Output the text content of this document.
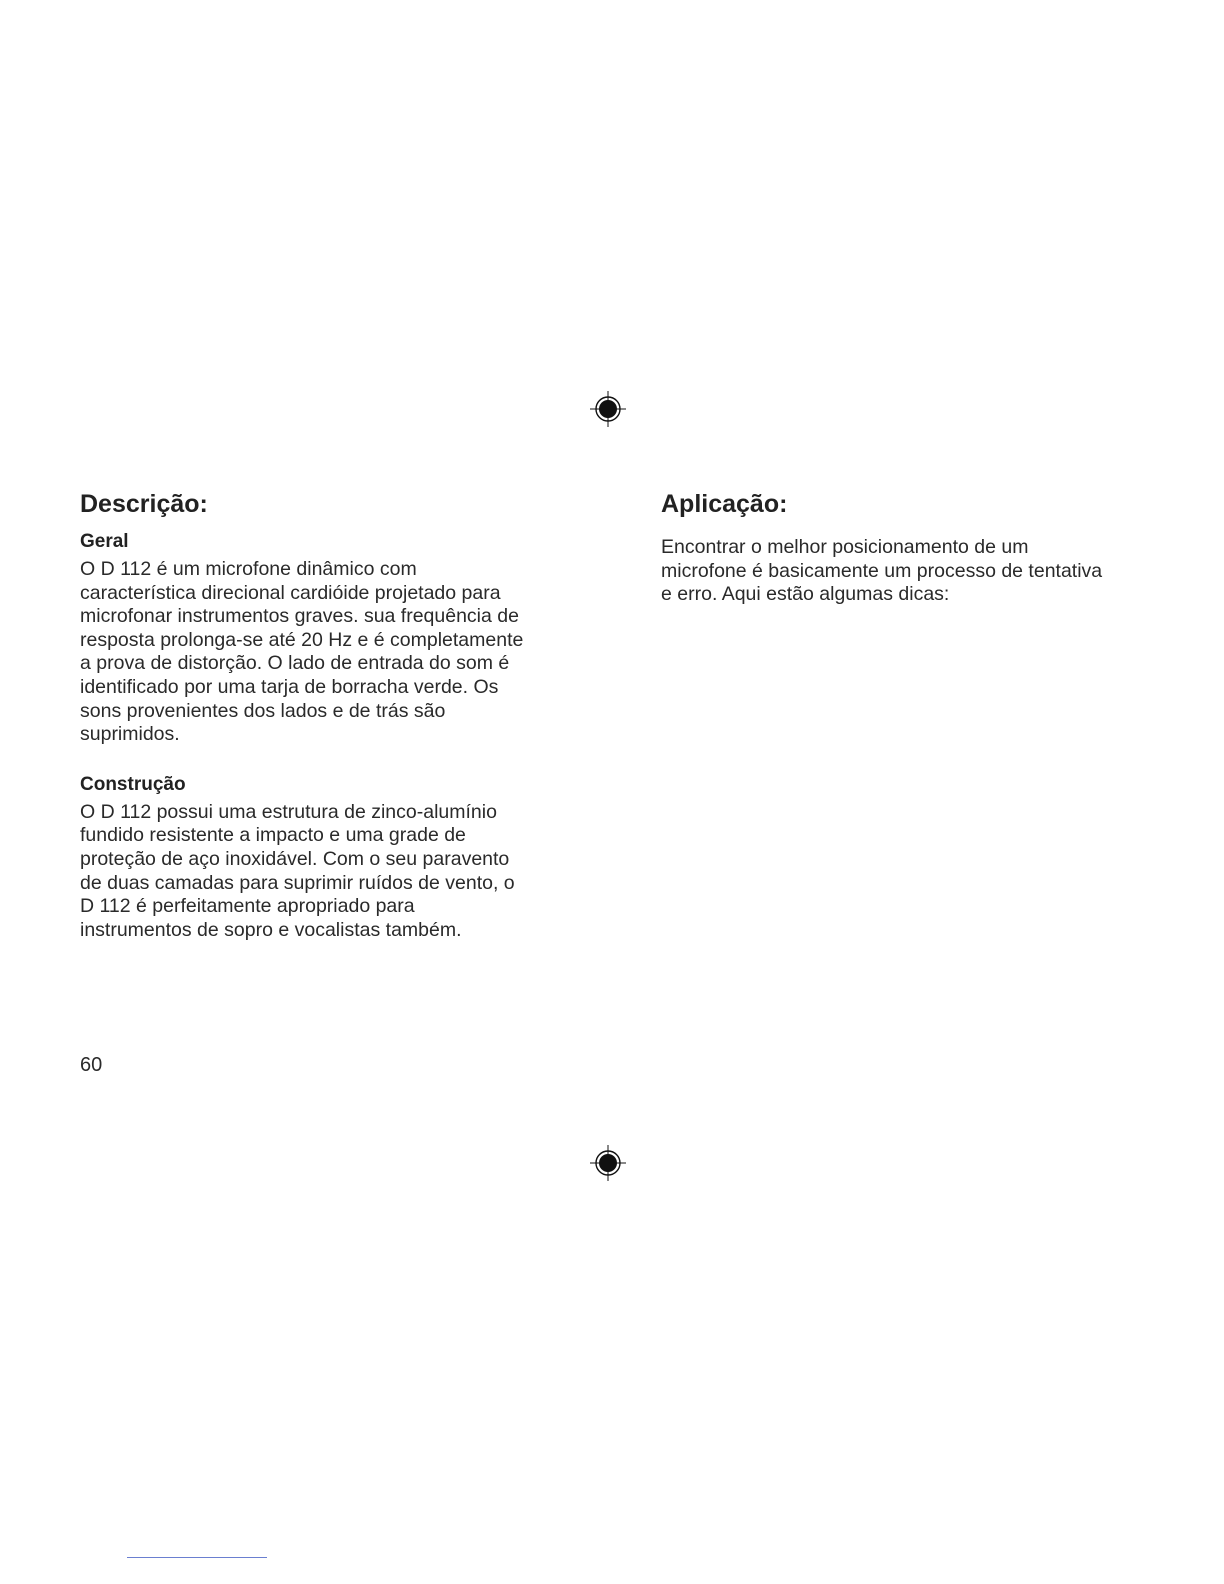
Descrição:
Geral

O D 112 é um microfone dinâmico com
característica direcional cardióide projetado para
microfonar instrumentos graves. sua frequência de
resposta prolonga-se até 20 Hz e é completamente
a prova de distorção. O lado de entrada do som é
identificado por uma tarja de borracha verde. Os
sons provenientes dos lados e de trás são
suprimidos.

Construção

O D 112 possui uma estrutura de zinco-alumínio
fundido resistente a impacto e uma grade de
proteção de aço inoxidável. Com o seu paravento
de duas camadas para suprimir ruídos de vento, o
D 112 é perfeitamente apropriado para
instrumentos de sopro e vocalistas também.

Aplicação:

Encontrar o melhor posicionamento de um
microfone é basicamente um processo de tentativa
e erro. Aqui estão algumas dicas:

60
